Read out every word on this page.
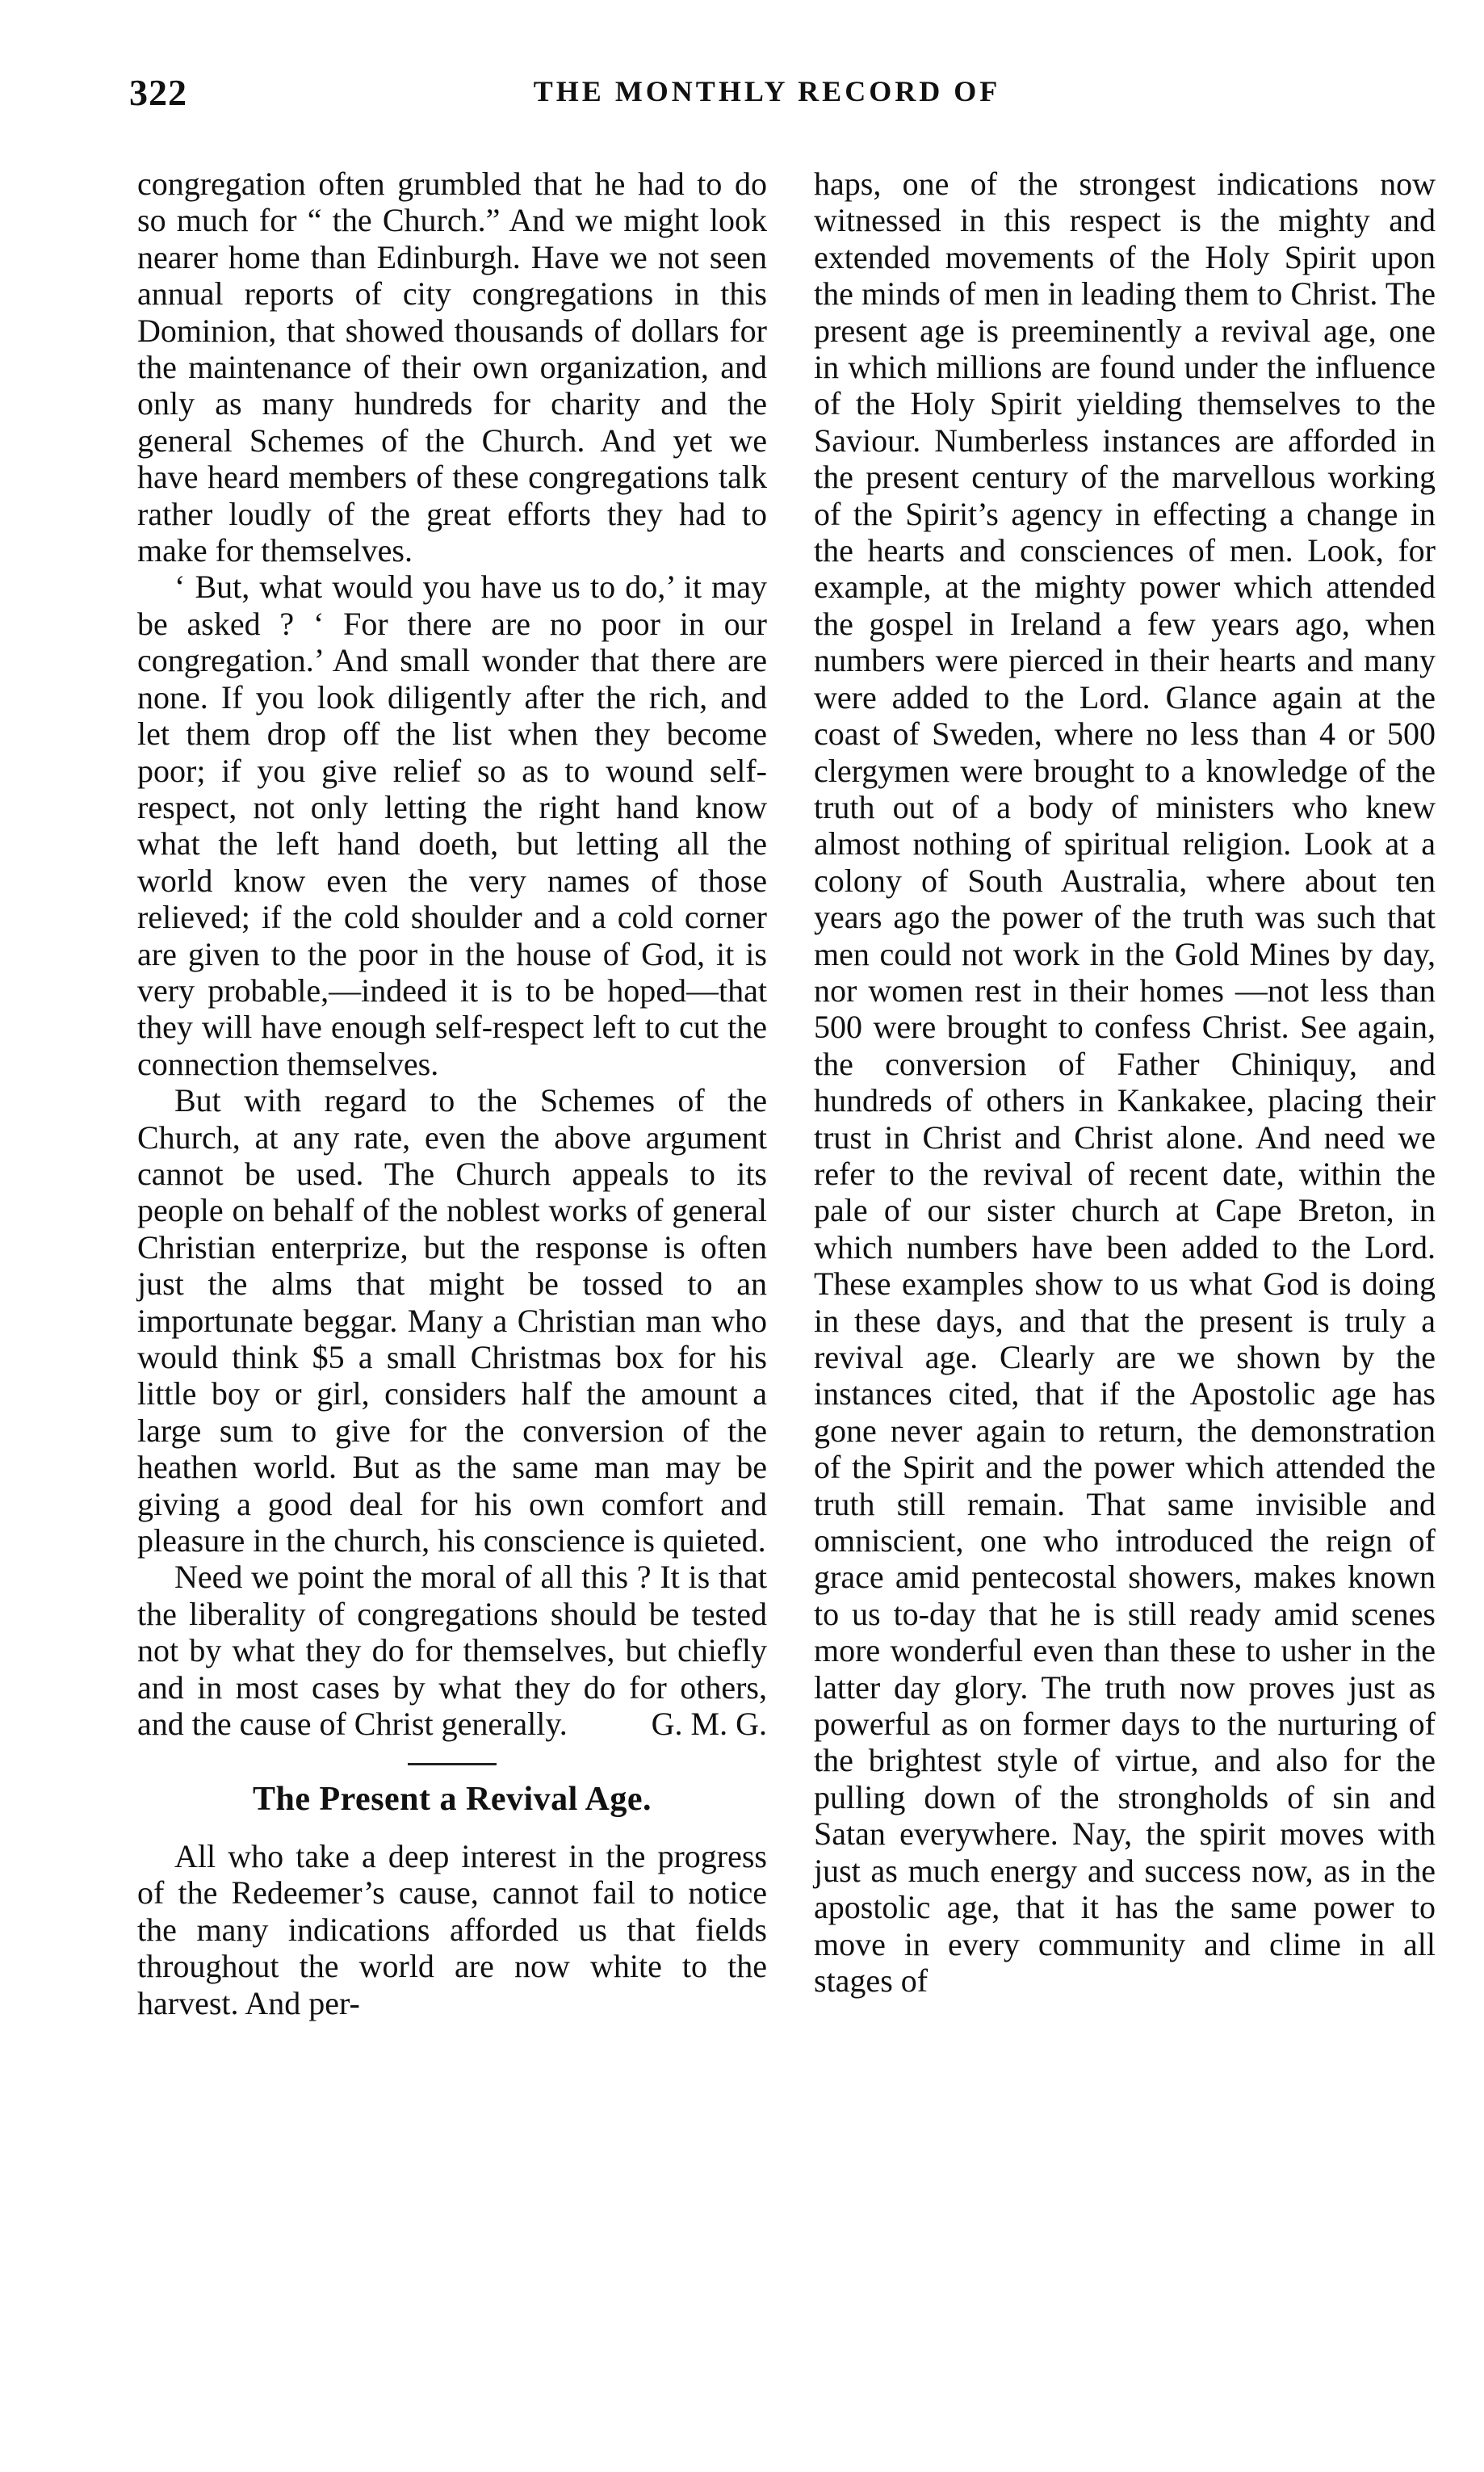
322	THE MONTHLY RECORD OF

congregation often grumbled that he had to do so much for “ the Church.” And we might look nearer home than Edinburgh. Have we not seen annual reports of city congregations in this Dominion, that showed thousands of dollars for the maintenance of their own organization, and only as many hundreds for charity and the general Schemes of the Church. And yet we have heard members of these congregations talk rather loudly of the great efforts they had to make for themselves.

‘ But, what would you have us to do,’ it may be asked ? ‘ For there are no poor in our congregation.’ And small wonder that there are none. If you look diligently after the rich, and let them drop off the list when they become poor; if you give relief so as to wound self-respect, not only letting the right hand know what the left hand doeth, but letting all the world know even the very names of those relieved; if the cold shoulder and a cold corner are given to the poor in the house of God, it is very probable,—indeed it is to be hoped—that they will have enough self-respect left to cut the connection themselves.

But with regard to the Schemes of the Church, at any rate, even the above argument cannot be used. The Church appeals to its people on behalf of the noblest works of general Christian enterprize, but the response is often just the alms that might be tossed to an importunate beggar. Many a Christian man who would think $5 a small Christmas box for his little boy or girl, considers half the amount a large sum to give for the conversion of the heathen world. But as the same man may be giving a good deal for his own comfort and pleasure in the church, his conscience is quieted.

Need we point the moral of all this ? It is that the liberality of congregations should be tested not by what they do for themselves, but chiefly and in most cases by what they do for others, and the cause of Christ generally.	G. M. G.

The Present a Revival Age.

All who take a deep interest in the progress of the Redeemer’s cause, cannot fail to notice the many indications afforded us that fields throughout the world are now white to the harvest. And per-

haps, one of the strongest indications now witnessed in this respect is the mighty and extended movements of the Holy Spirit upon the minds of men in leading them to Christ. The present age is preeminently a revival age, one in which millions are found under the influence of the Holy Spirit yielding themselves to the Saviour. Numberless instances are afforded in the present century of the marvellous working of the Spirit’s agency in effecting a change in the hearts and consciences of men. Look, for example, at the mighty power which attended the gospel in Ireland a few years ago, when numbers were pierced in their hearts and many were added to the Lord. Glance again at the coast of Sweden, where no less than 4 or 500 clergymen were brought to a knowledge of the truth out of a body of ministers who knew almost nothing of spiritual religion. Look at a colony of South Australia, where about ten years ago the power of the truth was such that men could not work in the Gold Mines by day, nor women rest in their homes —not less than 500 were brought to confess Christ. See again, the conversion of Father Chiniquy, and hundreds of others in Kankakee, placing their trust in Christ and Christ alone. And need we refer to the revival of recent date, within the pale of our sister church at Cape Breton, in which numbers have been added to the Lord. These examples show to us what God is doing in these days, and that the present is truly a revival age. Clearly are we shown by the instances cited, that if the Apostolic age has gone never again to return, the demonstration of the Spirit and the power which attended the truth still remain. That same invisible and omniscient, one who introduced the reign of grace amid pentecostal showers, makes known to us to-day that he is still ready amid scenes more wonderful even than these to usher in the latter day glory. The truth now proves just as powerful as on former days to the nurturing of the brightest style of virtue, and also for the pulling down of the strongholds of sin and Satan everywhere. Nay, the spirit moves with just as much energy and success now, as in the apostolic age, that it has the same power to move in every community and clime in all stages of
